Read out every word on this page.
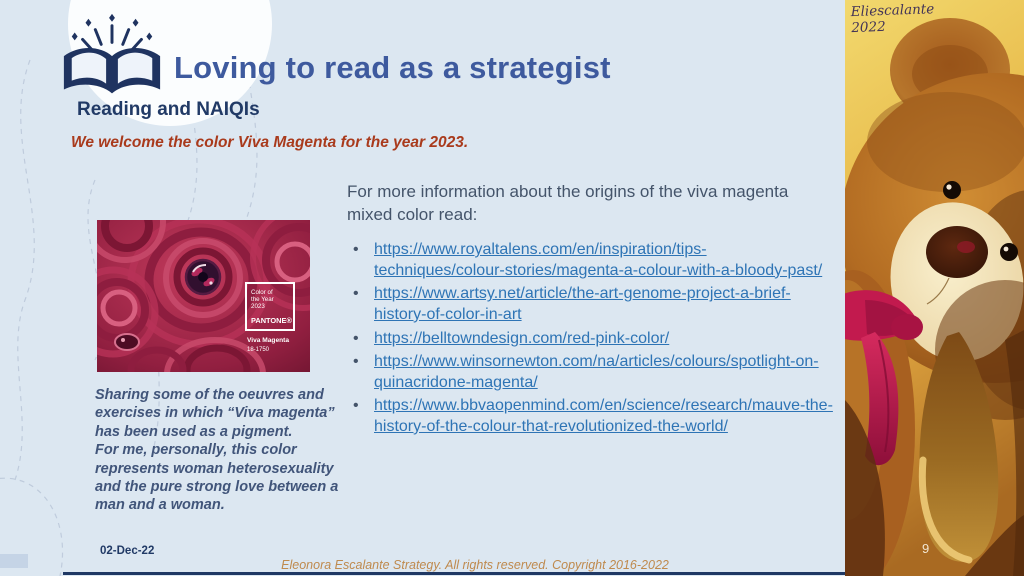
Loving to read as a strategist
Reading and NAIQIs
We welcome the color Viva Magenta for the year 2023.
Color of
the Year
2023
PANTONE®
Viva Magenta
18-1750

Sharing some of the oeuvres and exercises in which “Viva magenta” has been used as a pigment.

For me, personally, this color represents woman heterosexuality and the pure strong love between a man and a woman.

For more information about the origins of the viva magenta mixed color read:
• https://www.royaltalens.com/en/inspiration/tips-techniques/colour-stories/magenta-a-colour-with-a-bloody-past/
• https://www.artsy.net/article/the-art-genome-project-a-brief-history-of-color-in-art
• https://belltowndesign.com/red-pink-color/
• https://www.winsornewton.com/na/articles/colours/spotlight-on-quinacridone-magenta/
• https://www.bbvaopenmind.com/en/science/research/mauve-the-history-of-the-colour-that-revolutionized-the-world/
02-Dec-22
Eleonora Escalante Strategy. All rights reserved. Copyright 2016-2022
Eliescalante 2022
9
